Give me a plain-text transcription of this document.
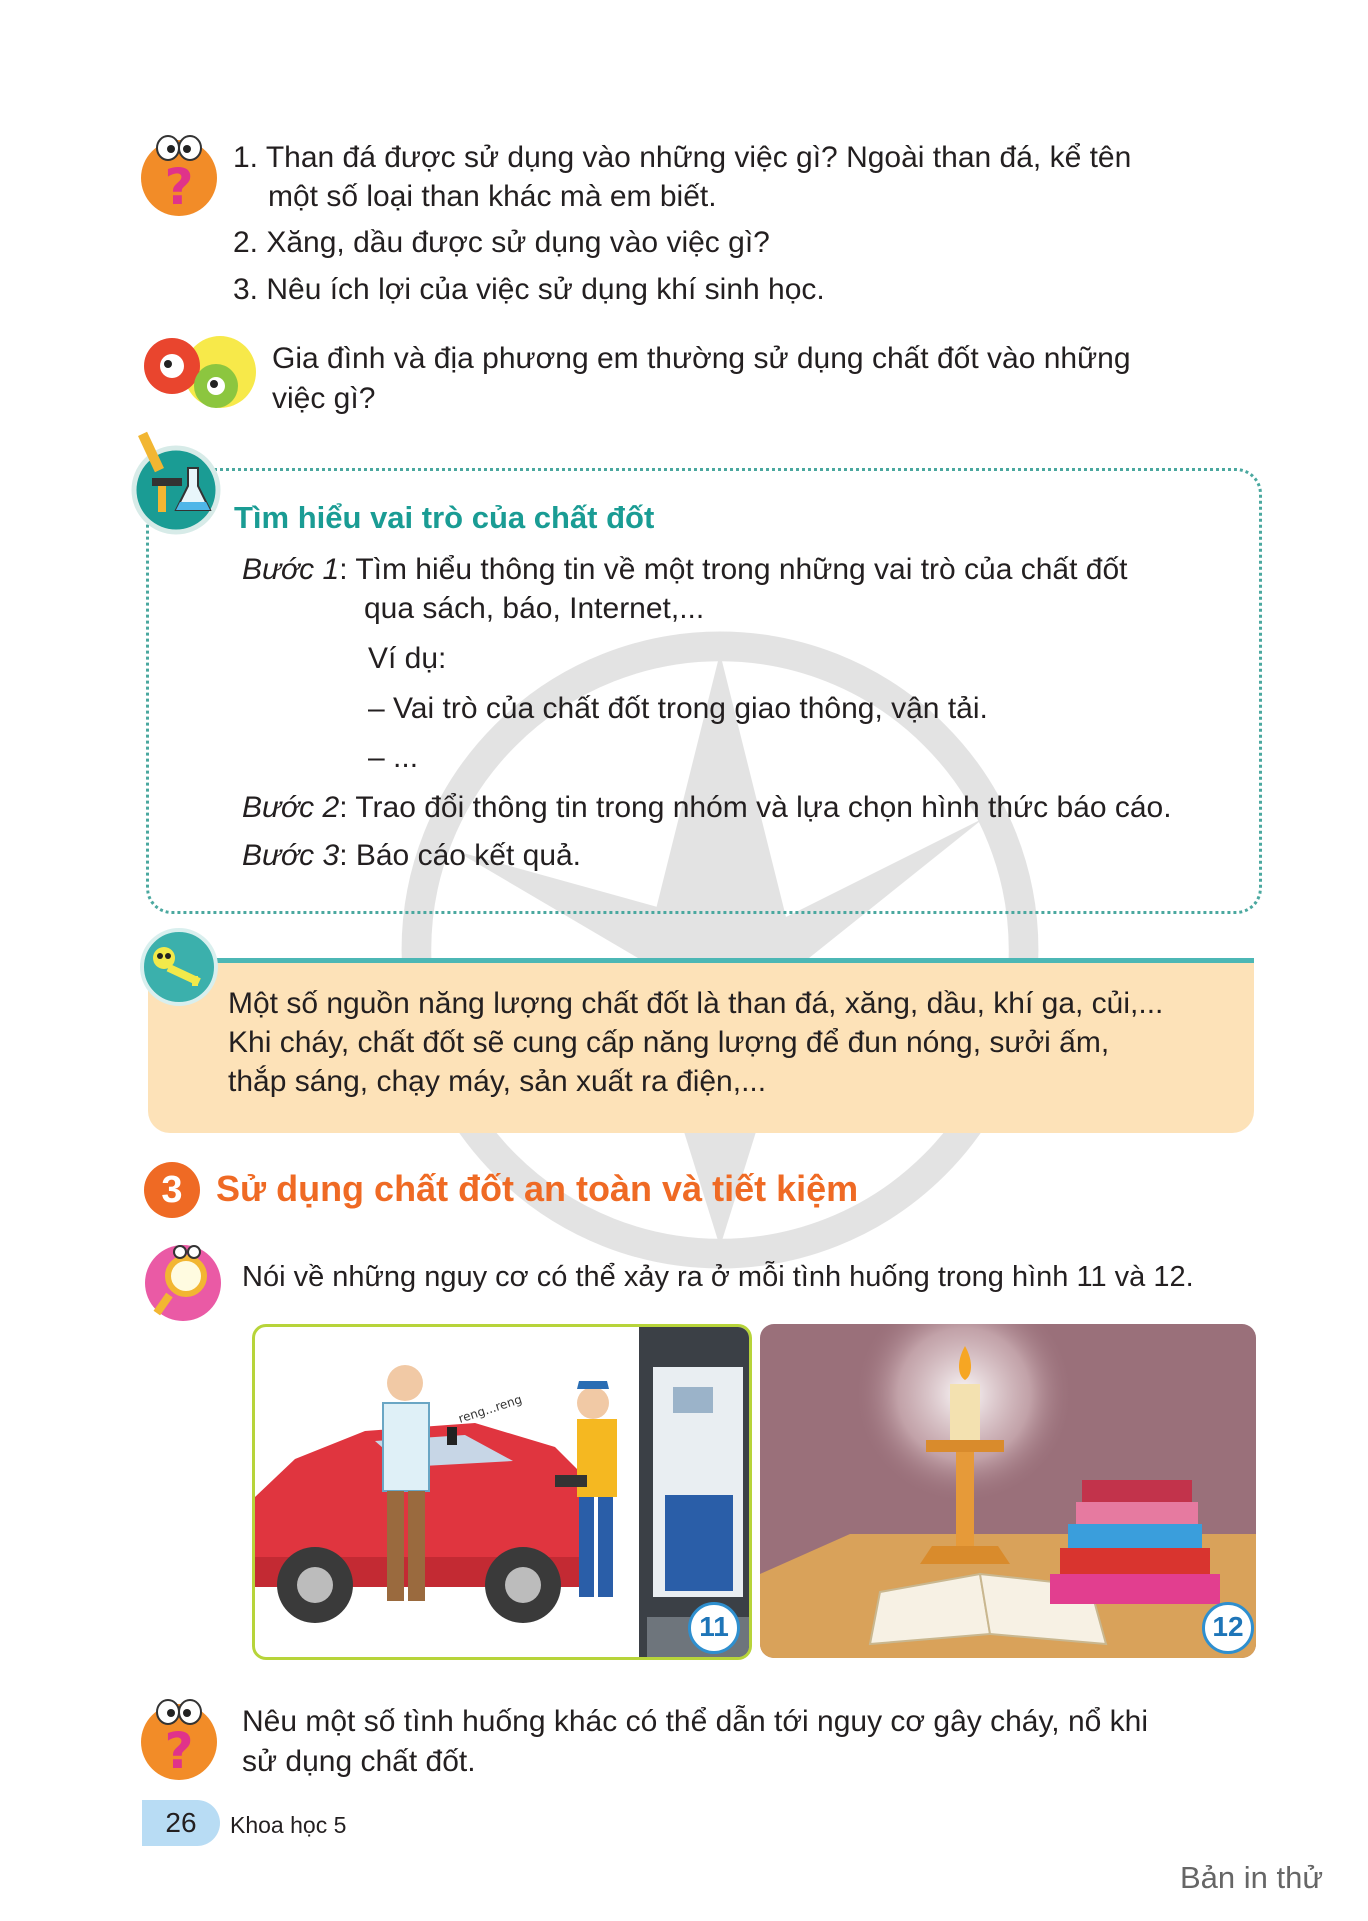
?
1. Than đá được sử dụng vào những việc gì? Ngoài than đá, kể tên
một số loại than khác mà em biết.
2. Xăng, dầu được sử dụng vào việc gì?
3. Nêu ích lợi của việc sử dụng khí sinh học.
Gia đình và địa phương em thường sử dụng chất đốt vào những
việc gì?
Tìm hiểu vai trò của chất đốt
Bước 1: Tìm hiểu thông tin về một trong những vai trò của chất đốt
qua sách, báo, Internet,...
Ví dụ:
– Vai trò của chất đốt trong giao thông, vận tải.
– ...
Bước 2: Trao đổi thông tin trong nhóm và lựa chọn hình thức báo cáo.
Bước 3: Báo cáo kết quả.
Một số nguồn năng lượng chất đốt là than đá, xăng, dầu, khí ga, củi,...
Khi cháy, chất đốt sẽ cung cấp năng lượng để đun nóng, sưởi ấm,
thắp sáng, chạy máy, sản xuất ra điện,...
3 Sử dụng chất đốt an toàn và tiết kiệm
Nói về những nguy cơ có thể xảy ra ở mỗi tình huống trong hình 11 và 12.
reng...reng
11	12
?
Nêu một số tình huống khác có thể dẫn tới nguy cơ gây cháy, nổ khi
sử dụng chất đốt.
26	Khoa học 5
Bản in thử
